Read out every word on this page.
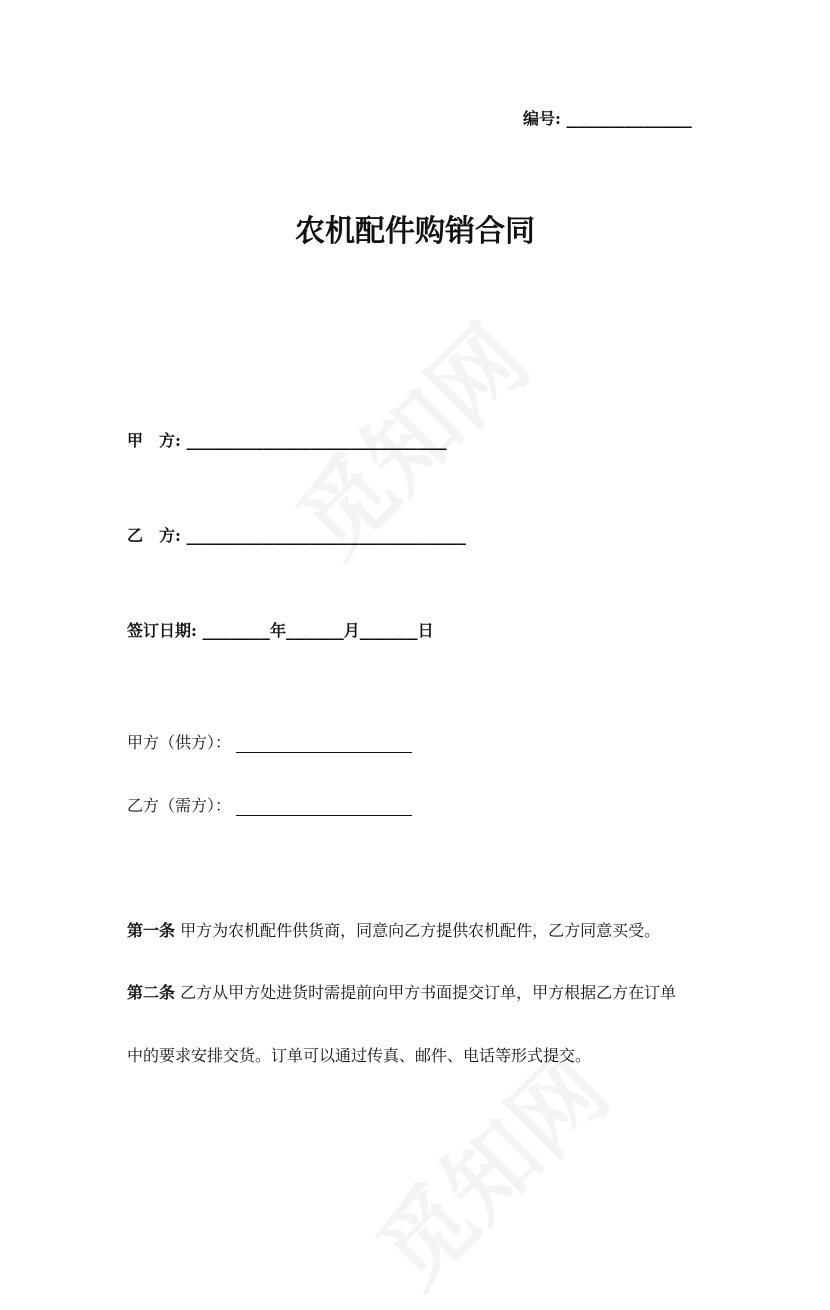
编号: _____________
农机配件购销合同
甲　方: ___________________________
乙　方: _____________________________
签订日期: _______年______月______日
甲方（供方）：
乙方（需方）：
第一条 甲方为农机配件供货商，同意向乙方提供农机配件，乙方同意买受。
第二条 乙方从甲方处进货时需提前向甲方书面提交订单，甲方根据乙方在订单
中的要求安排交货。订单可以通过传真、邮件、电话等形式提交。
